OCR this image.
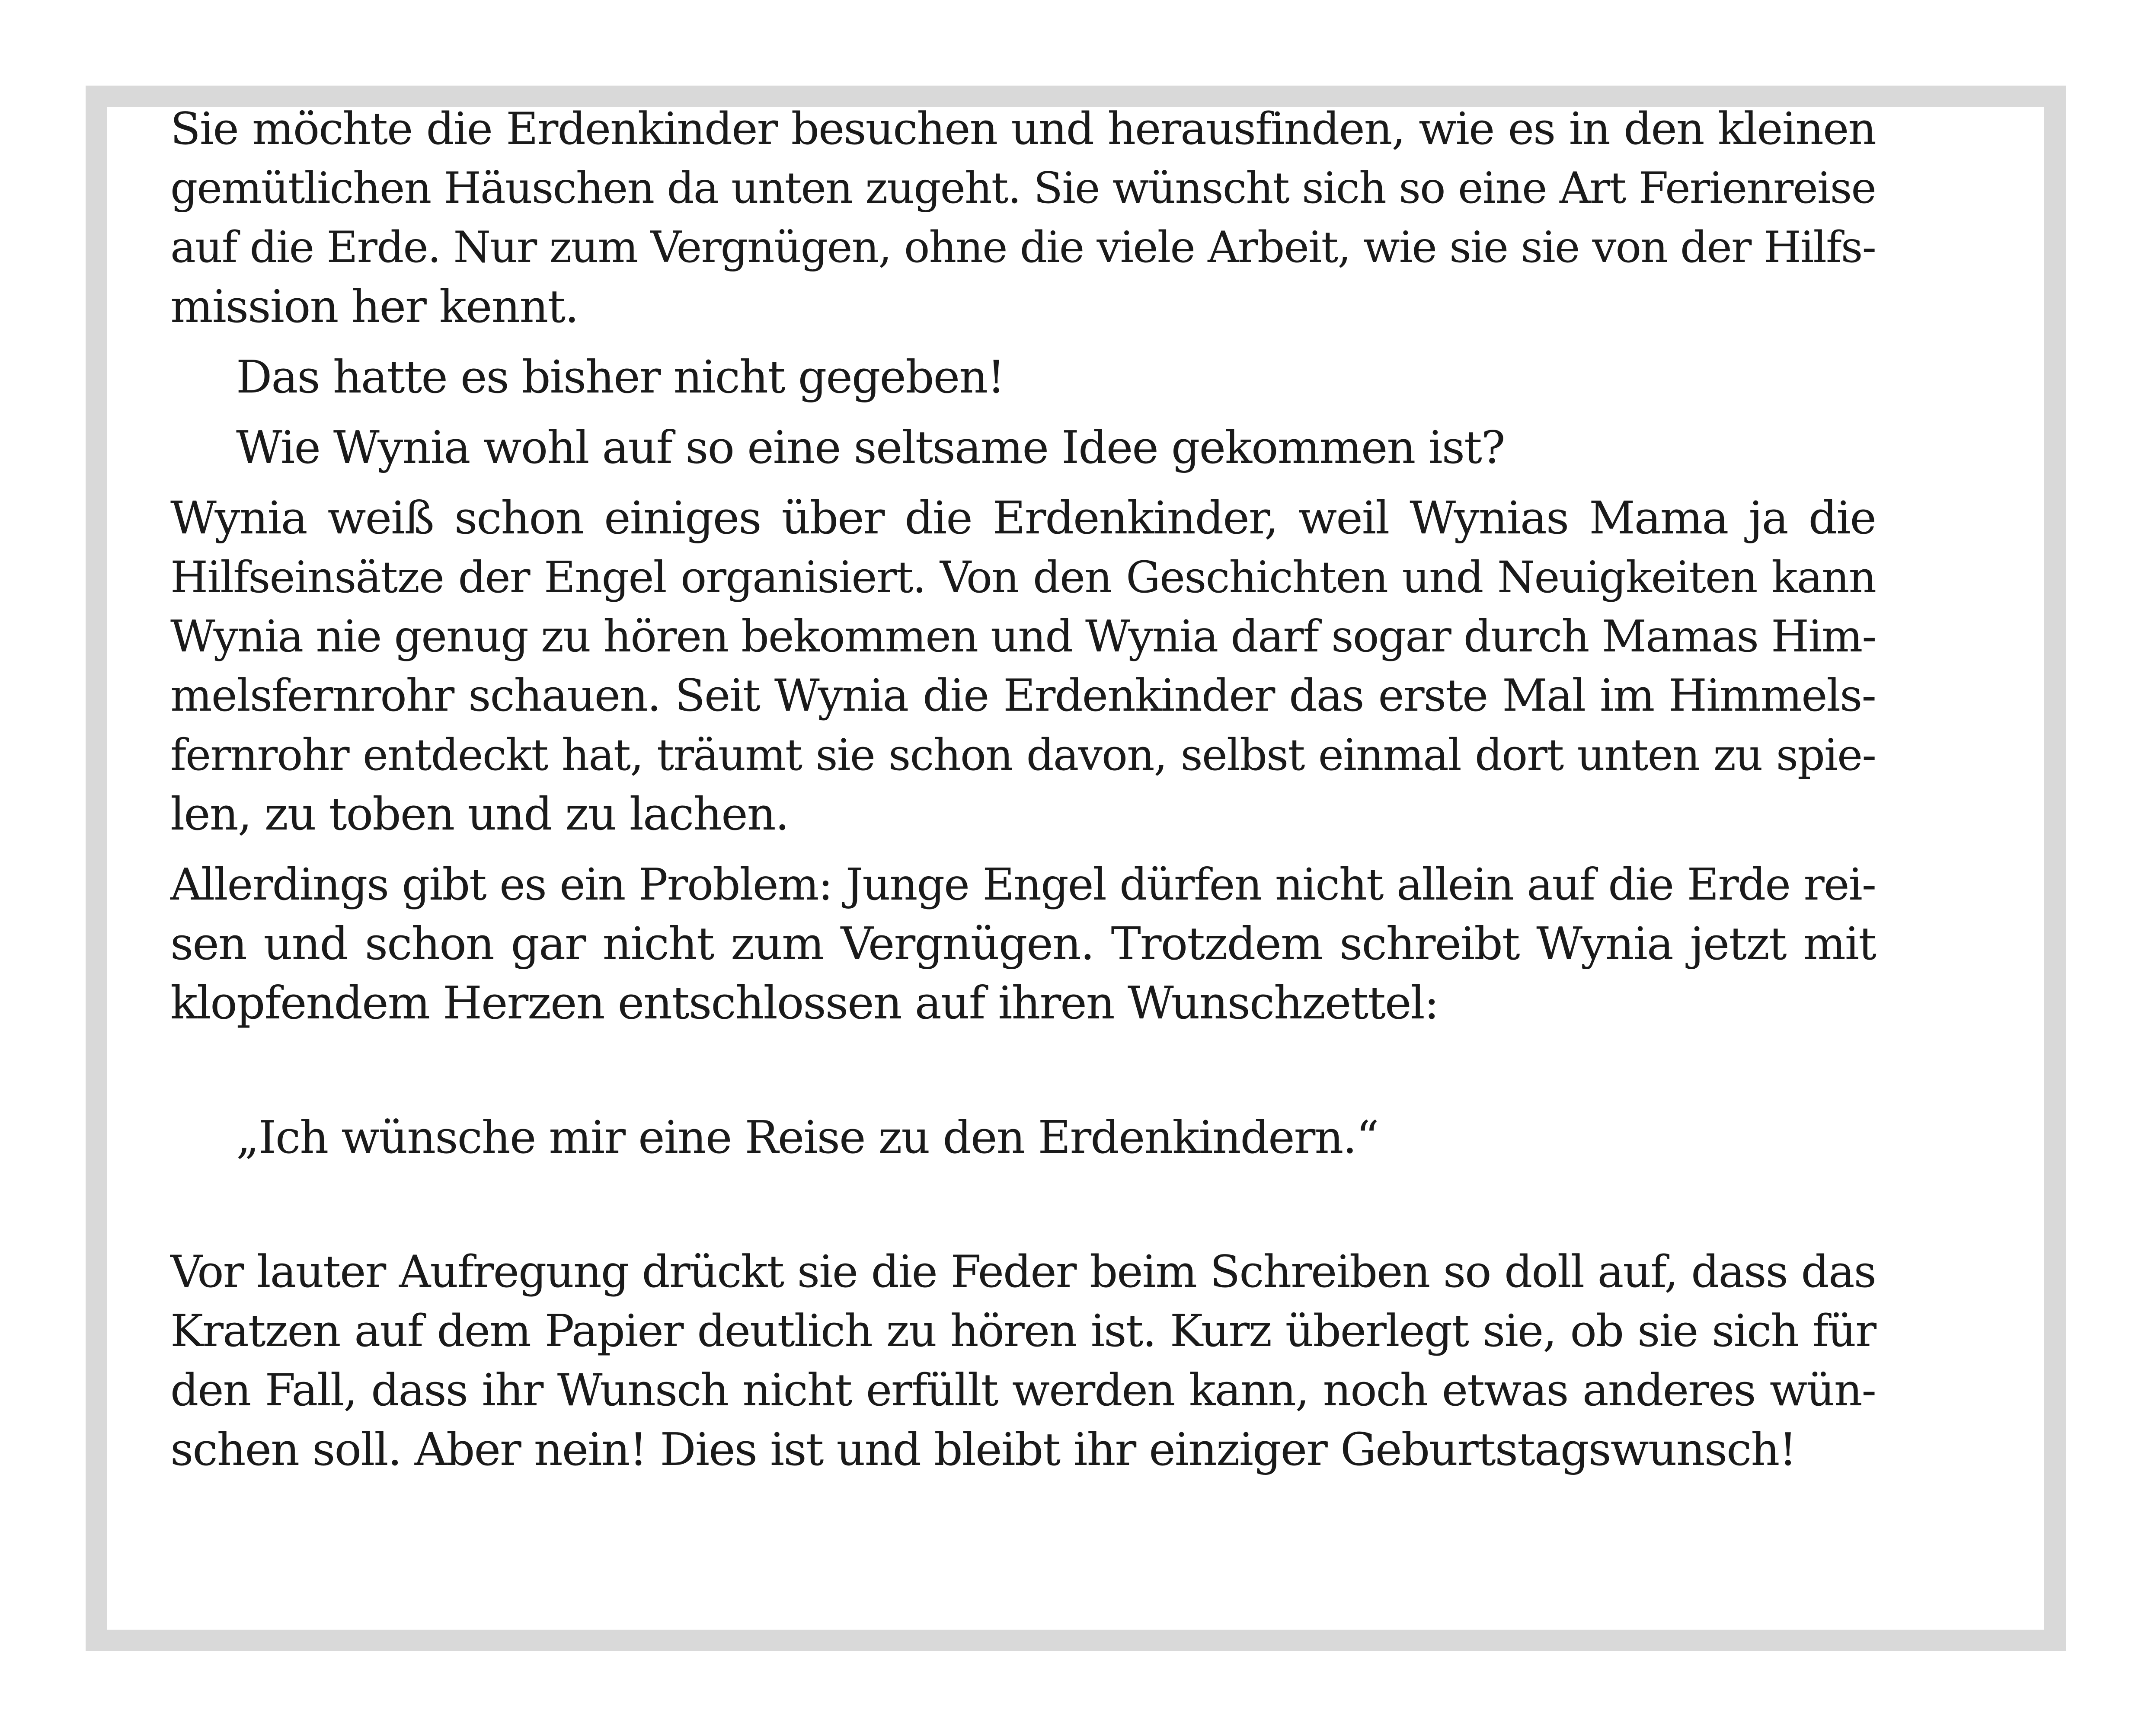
Sie möchte die Erdenkinder besuchen und herausfinden, wie es in den kleinen
gemütlichen Häuschen da unten zugeht. Sie wünscht sich so eine Art Ferienreise
auf die Erde. Nur zum Vergnügen, ohne die viele Arbeit, wie sie sie von der Hilfs-
mission her kennt.
Das hatte es bisher nicht gegeben!
Wie Wynia wohl auf so eine seltsame Idee gekommen ist?
Wynia weiß schon einiges über die Erdenkinder, weil Wynias Mama ja die
Hilfseinsätze der Engel organisiert. Von den Geschichten und Neuigkeiten kann
Wynia nie genug zu hören bekommen und Wynia darf sogar durch Mamas Him-
melsfernrohr schauen. Seit Wynia die Erdenkinder das erste Mal im Himmels-
fernrohr entdeckt hat, träumt sie schon davon, selbst einmal dort unten zu spie-
len, zu toben und zu lachen.
Allerdings gibt es ein Problem: Junge Engel dürfen nicht allein auf die Erde rei-
sen und schon gar nicht zum Vergnügen. Trotzdem schreibt Wynia jetzt mit
klopfendem Herzen entschlossen auf ihren Wunschzettel:
„Ich wünsche mir eine Reise zu den Erdenkindern.“
Vor lauter Aufregung drückt sie die Feder beim Schreiben so doll auf, dass das
Kratzen auf dem Papier deutlich zu hören ist. Kurz überlegt sie, ob sie sich für
den Fall, dass ihr Wunsch nicht erfüllt werden kann, noch etwas anderes wün-
schen soll. Aber nein! Dies ist und bleibt ihr einziger Geburtstagswunsch!
